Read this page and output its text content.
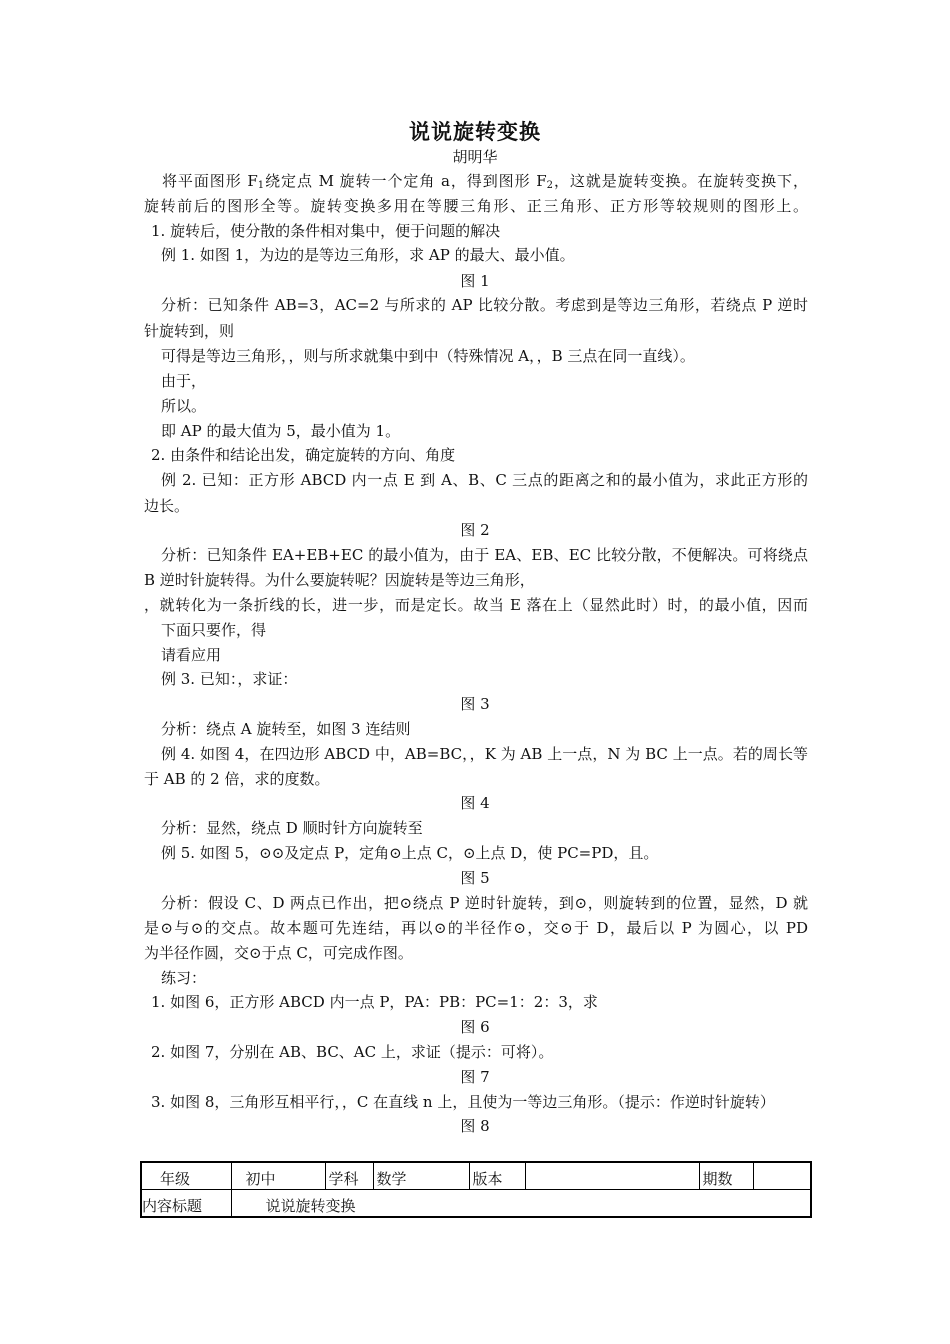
说说旋转变换
胡明华
将平面图形 $F_1$绕定点 M 旋转一个定角 a，得到图形 $F_2$，这就是旋转变换。在旋转变换下，
旋转前后的图形全等。旋转变换多用在等腰三角形、正三角形、正方形等较规则的图形上。
1. 旋转后，使分散的条件相对集中，便于问题的解决
例 1. 如图 1，为边的是等边三角形，求 AP 的最大、最小值。
图 1
分析：已知条件 AB=3，AC=2 与所求的 AP 比较分散。考虑到是等边三角形，若绕点 P 逆时
针旋转到，则
可得是等边三角形，，则与所求就集中到中（特殊情况 A，，B 三点在同一直线）。
由于，
所以。
即 AP 的最大值为 5，最小值为 1。
2. 由条件和结论出发，确定旋转的方向、角度
例 2. 已知：正方形 ABCD 内一点 E 到 A、B、C 三点的距离之和的最小值为，求此正方形的
边长。
图 2
分析：已知条件 EA+EB+EC 的最小值为，由于 EA、EB、EC 比较分散，不便解决。可将绕点
B 逆时针旋转得。为什么要旋转呢？因旋转是等边三角形，
，就转化为一条折线的长，进一步，而是定长。故当 E 落在上（显然此时）时，的最小值，因而
下面只要作，得
请看应用
例 3. 已知：，求证：
图 3
分析：绕点 A 旋转至，如图 3 连结则
例 4. 如图 4，在四边形 ABCD 中，AB=BC，，K 为 AB 上一点，N 为 BC 上一点。若的周长等
于 AB 的 2 倍，求的度数。
图 4
分析：显然，绕点 D 顺时针方向旋转至
例 5. 如图 5，⊙⊙及定点 P，定角⊙上点 C，⊙上点 D，使 PC=PD，且。
图 5
分析：假设 C、D 两点已作出，把⊙绕点 P 逆时针旋转，到⊙，则旋转到的位置，显然，D 就
是⊙与⊙的交点。故本题可先连结，再以⊙的半径作⊙，交⊙于 D，最后以 P 为圆心，以 PD
为半径作圆，交⊙于点 C，可完成作图。
练习：
1. 如图 6，正方形 ABCD 内一点 P，PA：PB：PC=1：2：3，求
图 6
2. 如图 7，分别在 AB、BC、AC 上，求证（提示：可将）。
图 7
3. 如图 8，三角形互相平行，，C 在直线 n 上，且使为一等边三角形。（提示：作逆时针旋转）
图 8
年级	初中	学科	数学	版本		期数	
内容标题	说说旋转变换						
